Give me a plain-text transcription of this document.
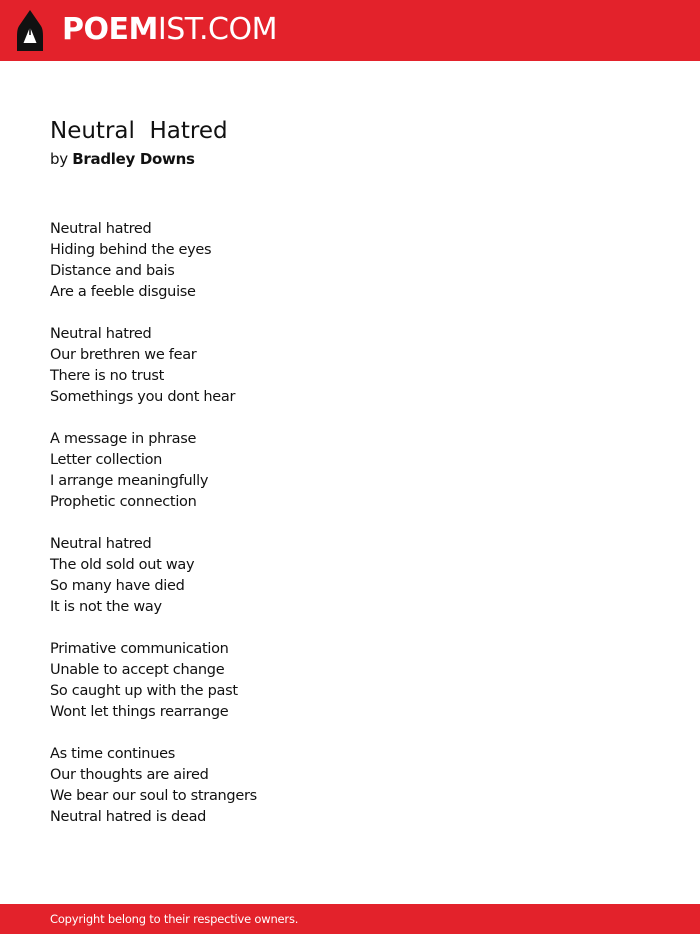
POEMIST.COM
Neutral  Hatred
by Bradley Downs
Neutral hatred
Hiding behind the eyes
Distance and bais
Are a feeble disguise
Neutral hatred
Our brethren we fear
There is no trust
Somethings you dont hear
A message in phrase
Letter collection
I arrange meaningfully
Prophetic connection
Neutral hatred
The old sold out way
So many have died
It is not the way
Primative communication
Unable to accept change
So caught up with the past
Wont let things rearrange
As time continues
Our thoughts are aired
We bear our soul to strangers
Neutral hatred is dead
Copyright belong to their respective owners.
